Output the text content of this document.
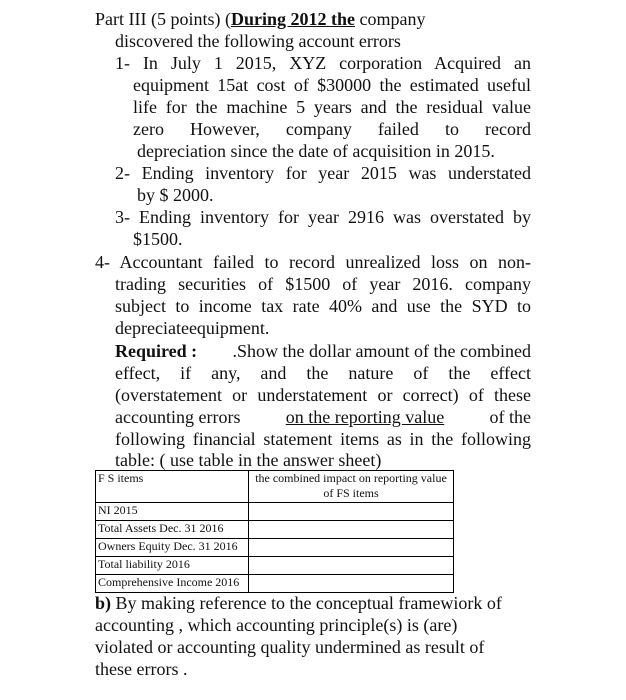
Part III (5 points) (During 2012 the company
discovered the following account errors
1- In July 1 2015, XYZ corporation Acquired an
equipment 15at cost of $30000 the estimated useful
life for the machine 5 years and the residual value
zero However, company failed to record
depreciation since the date of acquisition in 2015.
2- Ending inventory for year 2015 was understated
by $ 2000.
3- Ending inventory for year 2916 was overstated by
$1500.
4- Accountant failed to record unrealized loss on non-
trading securities of $1500 of year 2016. company
subject to income tax rate 40% and use the SYD to
depreciateequipment.
Required : .Show the dollar amount of the combined
effect, if any, and the nature of the effect
(overstatement or understatement or correct) of these
accounting errors	on the reporting value	of the
following financial statement items as in the following
table: ( use table in the answer sheet)
F S items	the combined impact on reporting value of FS items
NI 2015	
Total Assets Dec. 31 2016	
Owners Equity Dec. 31 2016	
Total liability 2016	
Comprehensive Income 2016	
b) By making reference to the conceptual framewiork of
accounting , which accounting principle(s) is (are)
violated or accounting quality undermined as result of
these errors .
